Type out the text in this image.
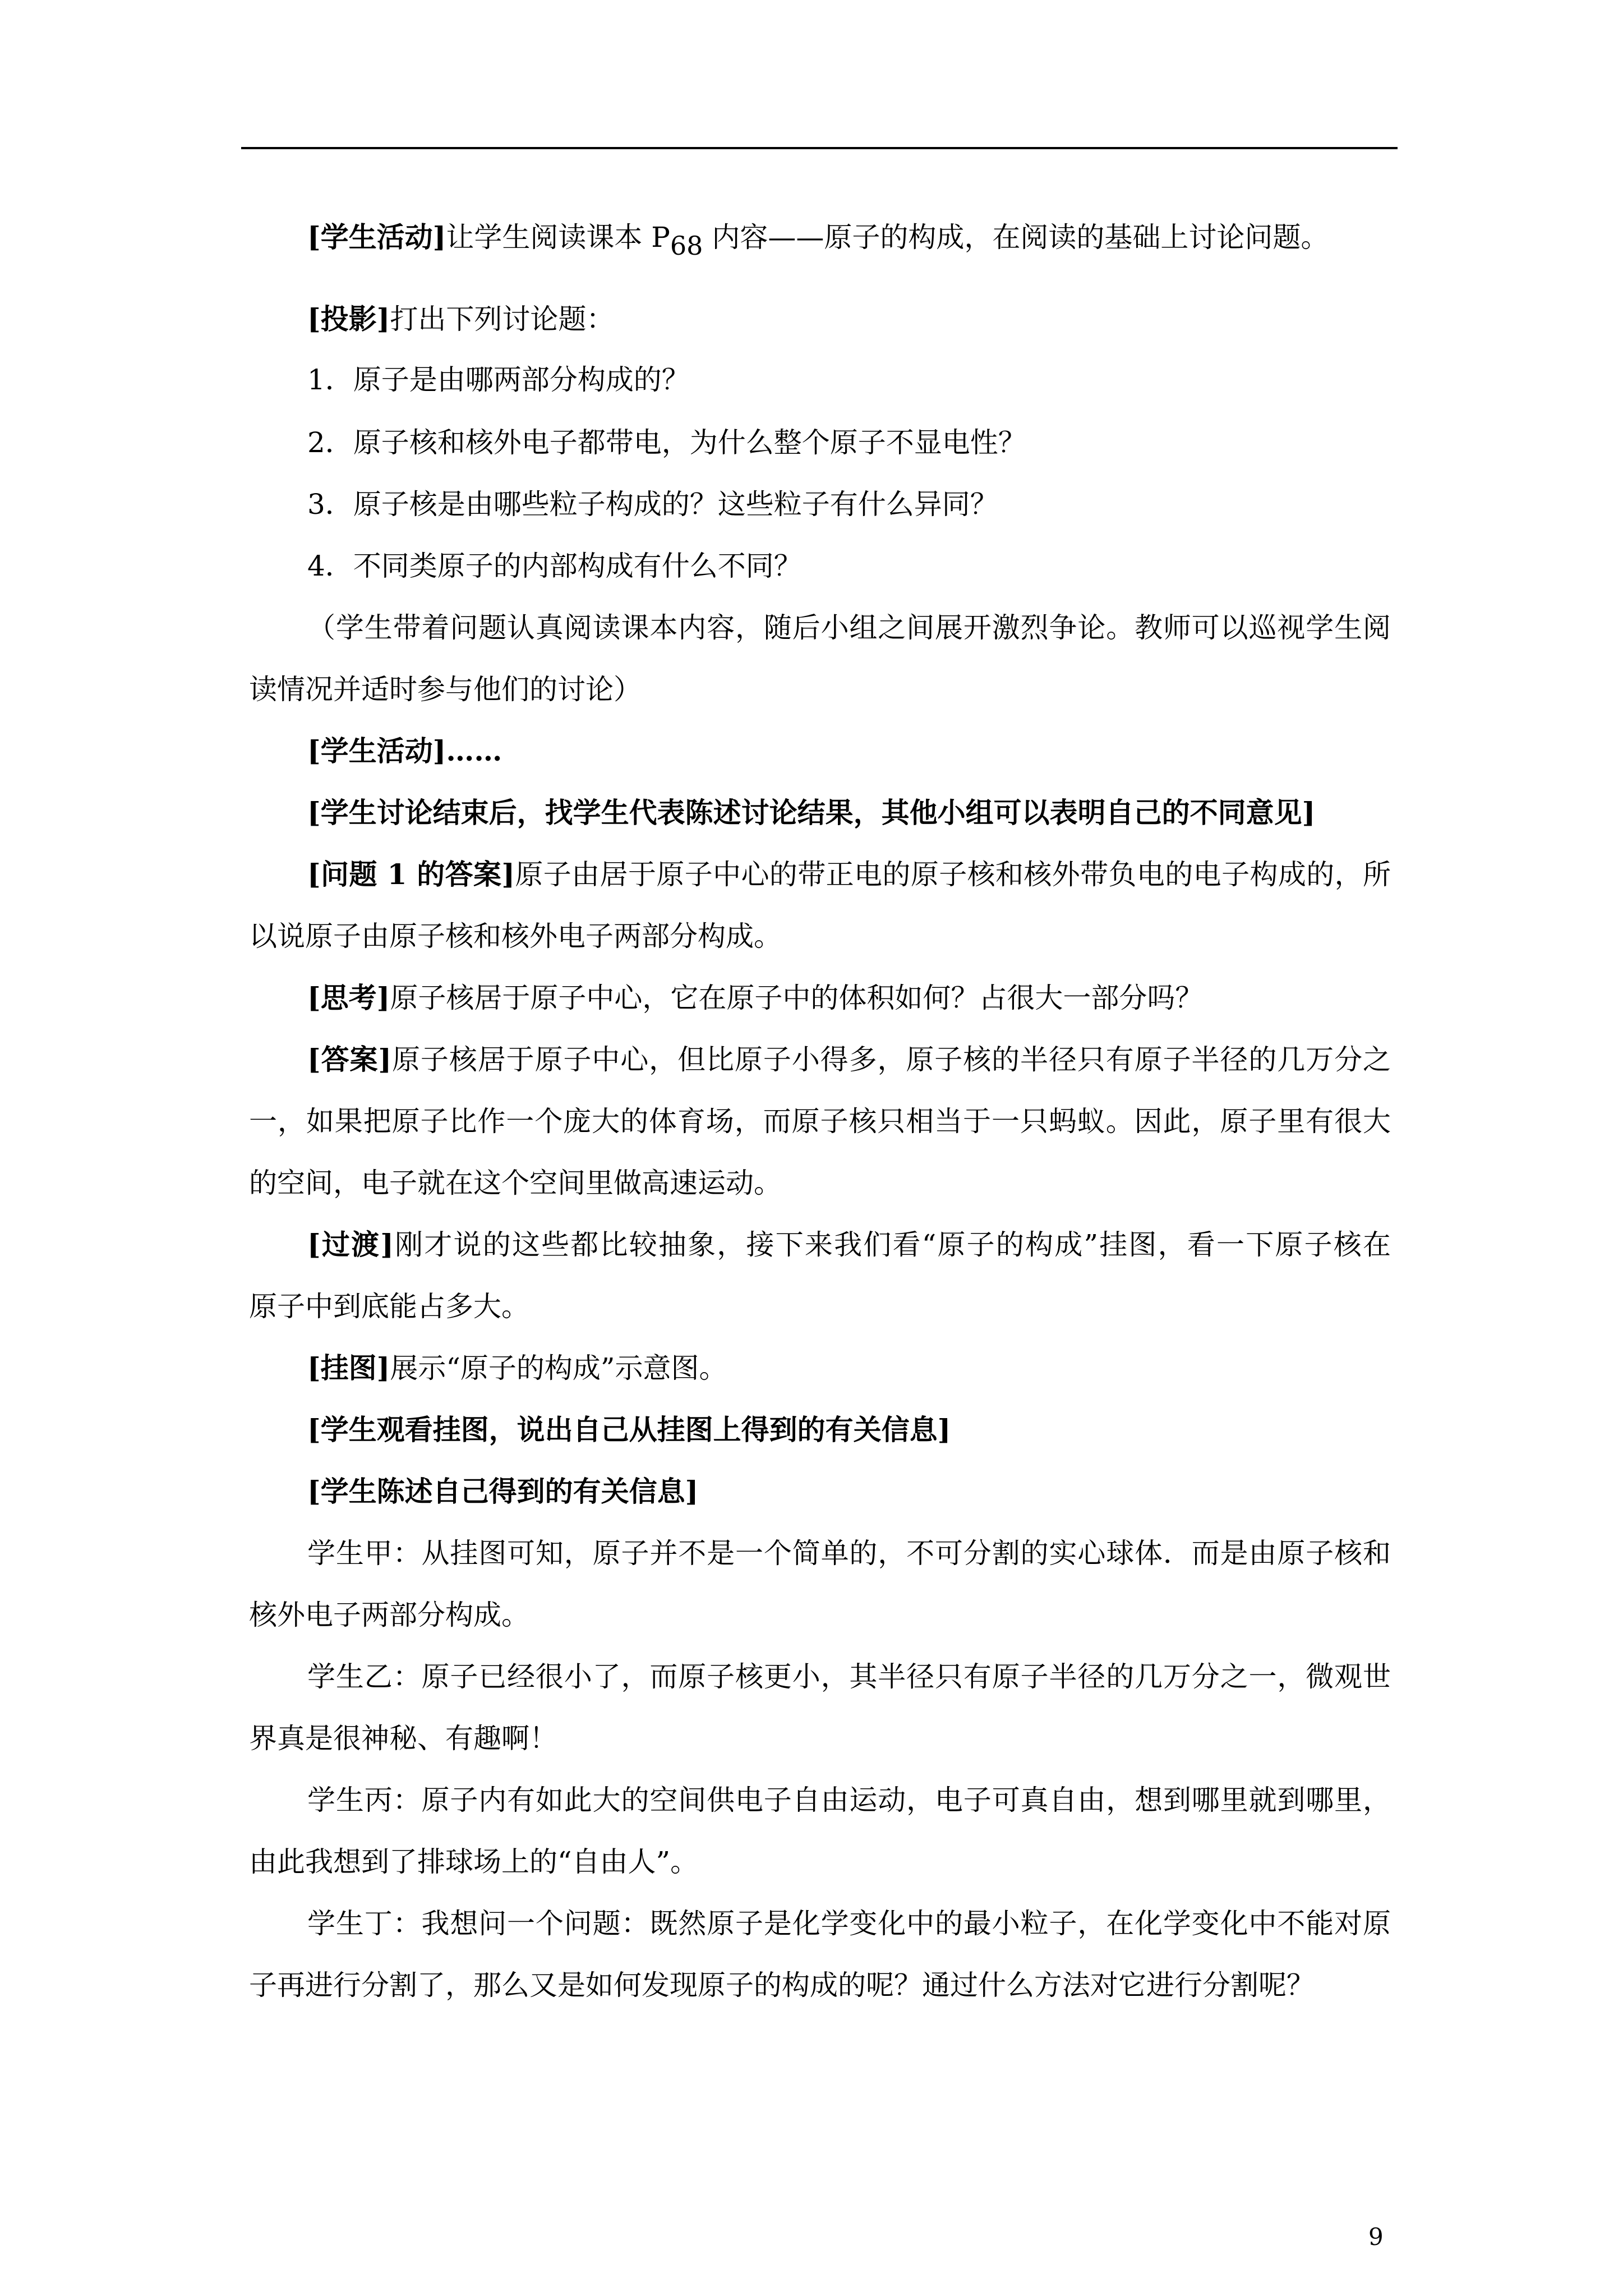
[学生活动]让学生阅读课本 P68 内容——原子的构成，在阅读的基础上讨论问题。
[投影]打出下列讨论题：
1．原子是由哪两部分构成的？
2．原子核和核外电子都带电，为什么整个原子不显电性？
3．原子核是由哪些粒子构成的？这些粒子有什么异同？
4．不同类原子的内部构成有什么不同？
（学生带着问题认真阅读课本内容，随后小组之间展开激烈争论。教师可以巡视学生阅
读情况并适时参与他们的讨论）
[学生活动]……
[学生讨论结束后，找学生代表陈述讨论结果，其他小组可以表明自己的不同意见]
[问题 1 的答案]原子由居于原子中心的带正电的原子核和核外带负电的电子构成的，所
以说原子由原子核和核外电子两部分构成。
[思考]原子核居于原子中心，它在原子中的体积如何？占很大一部分吗？
[答案]原子核居于原子中心，但比原子小得多，原子核的半径只有原子半径的几万分之
一，如果把原子比作一个庞大的体育场，而原子核只相当于一只蚂蚁。因此，原子里有很大
的空间，电子就在这个空间里做高速运动。
[过渡]刚才说的这些都比较抽象，接下来我们看“原子的构成”挂图，看一下原子核在
原子中到底能占多大。
[挂图]展示“原子的构成”示意图。
[学生观看挂图，说出自己从挂图上得到的有关信息]
[学生陈述自己得到的有关信息]
学生甲：从挂图可知，原子并不是一个简单的，不可分割的实心球体．而是由原子核和
核外电子两部分构成。
学生乙：原子已经很小了，而原子核更小，其半径只有原子半径的几万分之一，微观世
界真是很神秘、有趣啊！
学生丙：原子内有如此大的空间供电子自由运动，电子可真自由，想到哪里就到哪里，
由此我想到了排球场上的“自由人”。
学生丁：我想问一个问题：既然原子是化学变化中的最小粒子，在化学变化中不能对原
子再进行分割了，那么又是如何发现原子的构成的呢？通过什么方法对它进行分割呢？
9
